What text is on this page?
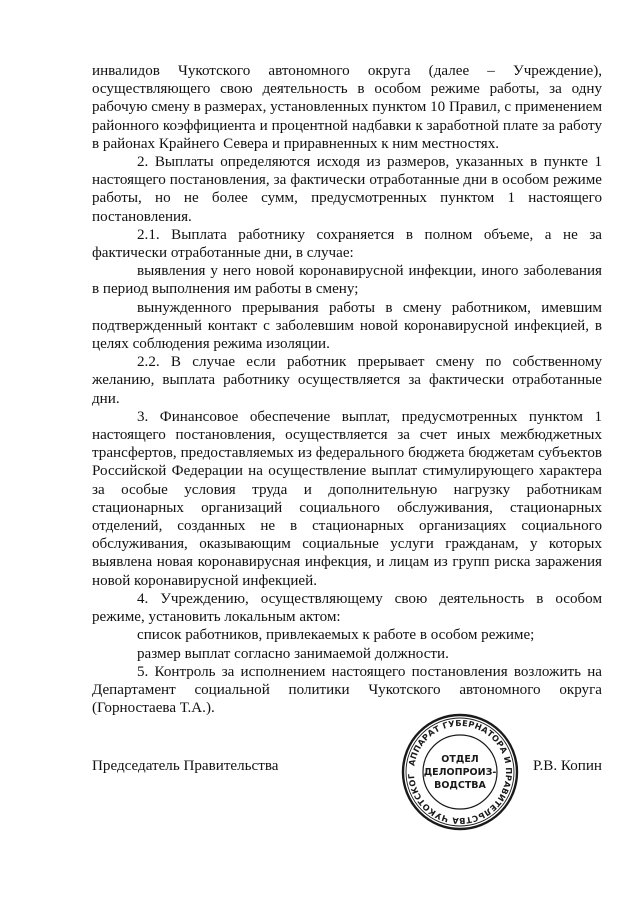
инвалидов Чукотского автономного округа (далее – Учреждение), осуществляющего свою деятельность в особом режиме работы, за одну рабочую смену в размерах, установленных пунктом 10 Правил, с применением районного коэффициента и процентной надбавки к заработной плате за работу в районах Крайнего Севера и приравненных к ним местностях.

2. Выплаты определяются исходя из размеров, указанных в пункте 1 настоящего постановления, за фактически отработанные дни в особом режиме работы, но не более сумм, предусмотренных пунктом 1 настоящего постановления.

2.1. Выплата работнику сохраняется в полном объеме, а не за фактически отработанные дни, в случае:

выявления у него новой коронавирусной инфекции, иного заболевания в период выполнения им работы в смену;

вынужденного прерывания работы в смену работником, имевшим подтвержденный контакт с заболевшим новой коронавирусной инфекцией, в целях соблюдения режима изоляции.

2.2. В случае если работник прерывает смену по собственному желанию, выплата работнику осуществляется за фактически отработанные дни.

3. Финансовое обеспечение выплат, предусмотренных пунктом 1 настоящего постановления, осуществляется за счет иных межбюджетных трансфертов, предоставляемых из федерального бюджета бюджетам субъектов Российской Федерации на осуществление выплат стимулирующего характера за особые условия труда и дополнительную нагрузку работникам стационарных организаций социального обслуживания, стационарных отделений, созданных не в стационарных организациях социального обслуживания, оказывающим социальные услуги гражданам, у которых выявлена новая коронавирусная инфекция, и лицам из групп риска заражения новой коронавирусной инфекцией.

4. Учреждению, осуществляющему свою деятельность в особом режиме, установить локальным актом:

список работников, привлекаемых к работе в особом режиме;

размер выплат согласно занимаемой должности.

5. Контроль за исполнением настоящего постановления возложить на Департамент социальной политики Чукотского автономного округа (Горностаева Т.А.).

Председатель Правительства	Р.В. Копин
АППАРАТ ГУБЕРНАТОРА И ПРАВИТЕЛЬСТВА ЧУКОТСКОГ
ОТДЕЛ
ДЕЛОПРОИЗ-
ВОДСТВА
